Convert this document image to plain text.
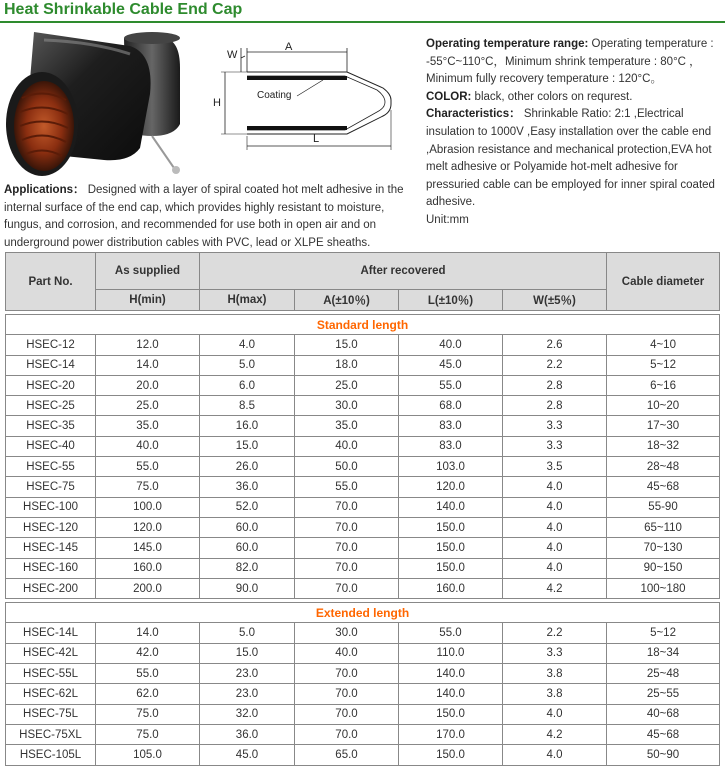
Heat Shrinkable Cable End Cap
W
A
Coating
H
L
Operating temperature range: Operating temperature : -55°C~110°C，Minimum shrink temperature : 80°C ，Minimum fully recovery temperature : 120°C。
COLOR: black, other colors on requrest.
Characteristics： Shrinkable Ratio: 2:1 ,Electrical insulation to 1000V ,Easy installation over the cable end ,Abrasion resistance and mechanical protection,EVA hot melt adhesive or Polyamide hot-melt adhesive for pressuried cable can be employed for inner spiral coated adhesive.
Unit:mm
Applications： Designed with a layer of spiral coated hot melt adhesive in the internal surface of the end cap, which provides highly resistant to moisture, fungus, and corrosion, and recommended for use both in open air and on underground power distribution cables with PVC, lead or XLPE sheaths.
Part No.	As supplied	After recovered				Cable diameter
	H(min)	H(max)	A(±10％)	L(±10％)	W(±5％)	

Standard length						
HSEC-12	12.0	4.0	15.0	40.0	2.6	4~10
HSEC-14	14.0	5.0	18.0	45.0	2.2	5~12
HSEC-20	20.0	6.0	25.0	55.0	2.8	6~16
HSEC-25	25.0	8.5	30.0	68.0	2.8	10~20
HSEC-35	35.0	16.0	35.0	83.0	3.3	17~30
HSEC-40	40.0	15.0	40.0	83.0	3.3	18~32
HSEC-55	55.0	26.0	50.0	103.0	3.5	28~48
HSEC-75	75.0	36.0	55.0	120.0	4.0	45~68
HSEC-100	100.0	52.0	70.0	140.0	4.0	55-90
HSEC-120	120.0	60.0	70.0	150.0	4.0	65~110
HSEC-145	145.0	60.0	70.0	150.0	4.0	70~130
HSEC-160	160.0	82.0	70.0	150.0	4.0	90~150
HSEC-200	200.0	90.0	70.0	160.0	4.2	100~180

Extended length						
HSEC-14L	14.0	5.0	30.0	55.0	2.2	5~12
HSEC-42L	42.0	15.0	40.0	110.0	3.3	18~34
HSEC-55L	55.0	23.0	70.0	140.0	3.8	25~48
HSEC-62L	62.0	23.0	70.0	140.0	3.8	25~55
HSEC-75L	75.0	32.0	70.0	150.0	4.0	40~68
HSEC-75XL	75.0	36.0	70.0	170.0	4.2	45~68
HSEC-105L	105.0	45.0	65.0	150.0	4.0	50~90
